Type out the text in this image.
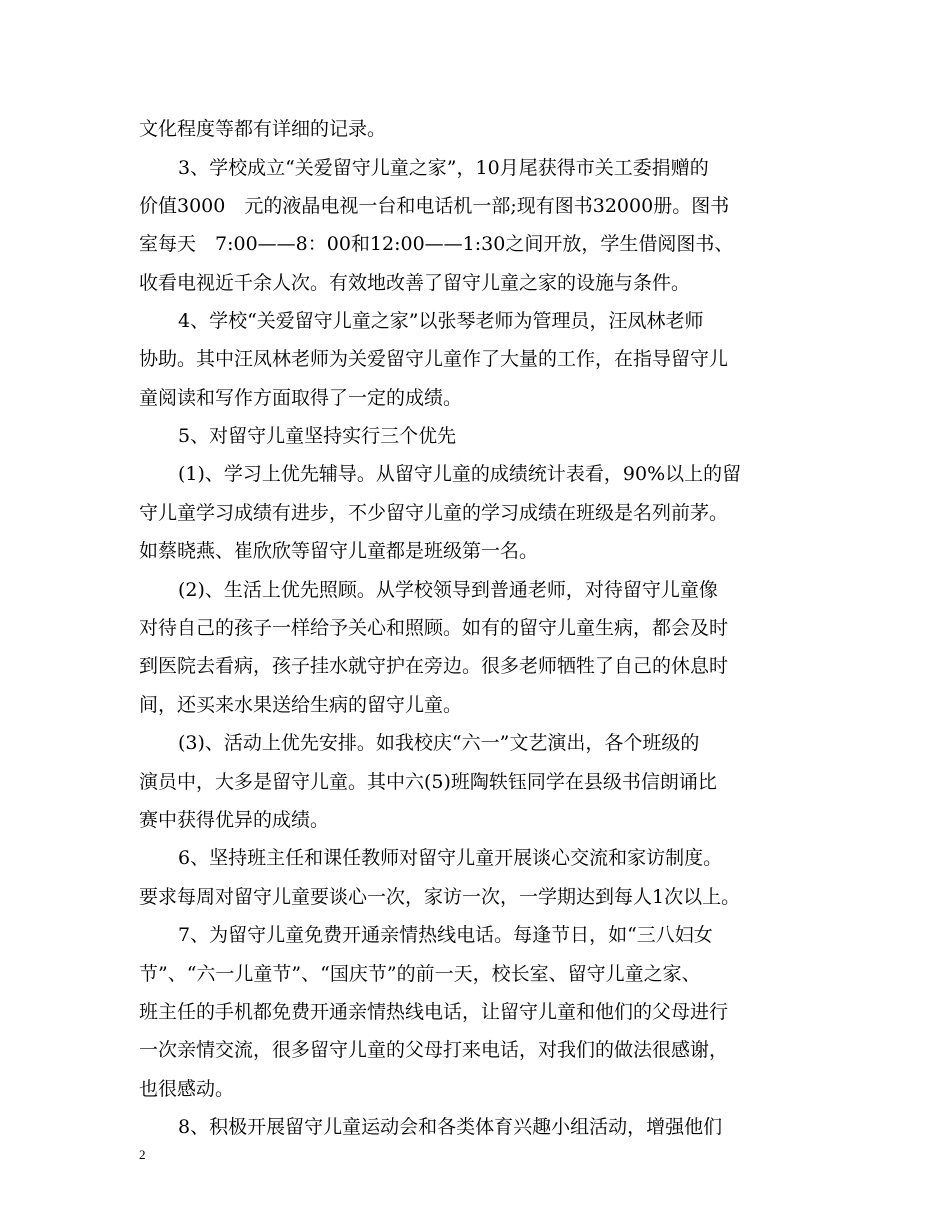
文化程度等都有详细的记录。
3、学校成立“关爱留守儿童之家”，10月尾获得市关工委捐赠的
价值3000　元的液晶电视一台和电话机一部;现有图书32000册。图书
室每天　7:00——8：00和12:00——1:30之间开放，学生借阅图书、
收看电视近千余人次。有效地改善了留守儿童之家的设施与条件。
4、学校“关爱留守儿童之家”以张琴老师为管理员，汪凤林老师
协助。其中汪凤林老师为关爱留守儿童作了大量的工作，在指导留守儿
童阅读和写作方面取得了一定的成绩。
5、对留守儿童坚持实行三个优先
(1)、学习上优先辅导。从留守儿童的成绩统计表看，90%以上的留
守儿童学习成绩有进步，不少留守儿童的学习成绩在班级是名列前茅。
如蔡晓燕、崔欣欣等留守儿童都是班级第一名。
(2)、生活上优先照顾。从学校领导到普通老师，对待留守儿童像
对待自己的孩子一样给予关心和照顾。如有的留守儿童生病，都会及时
到医院去看病，孩子挂水就守护在旁边。很多老师牺牲了自己的休息时
间，还买来水果送给生病的留守儿童。
(3)、活动上优先安排。如我校庆“六一”文艺演出，各个班级的
演员中，大多是留守儿童。其中六(5)班陶轶钰同学在县级书信朗诵比
赛中获得优异的成绩。
6、坚持班主任和课任教师对留守儿童开展谈心交流和家访制度。
要求每周对留守儿童要谈心一次，家访一次，一学期达到每人1次以上。
7、为留守儿童免费开通亲情热线电话。每逢节日，如“三八妇女
节”、“六一儿童节”、“国庆节”的前一天，校长室、留守儿童之家、
班主任的手机都免费开通亲情热线电话，让留守儿童和他们的父母进行
一次亲情交流，很多留守儿童的父母打来电话，对我们的做法很感谢，
也很感动。
8、积极开展留守儿童运动会和各类体育兴趣小组活动，增强他们
2
